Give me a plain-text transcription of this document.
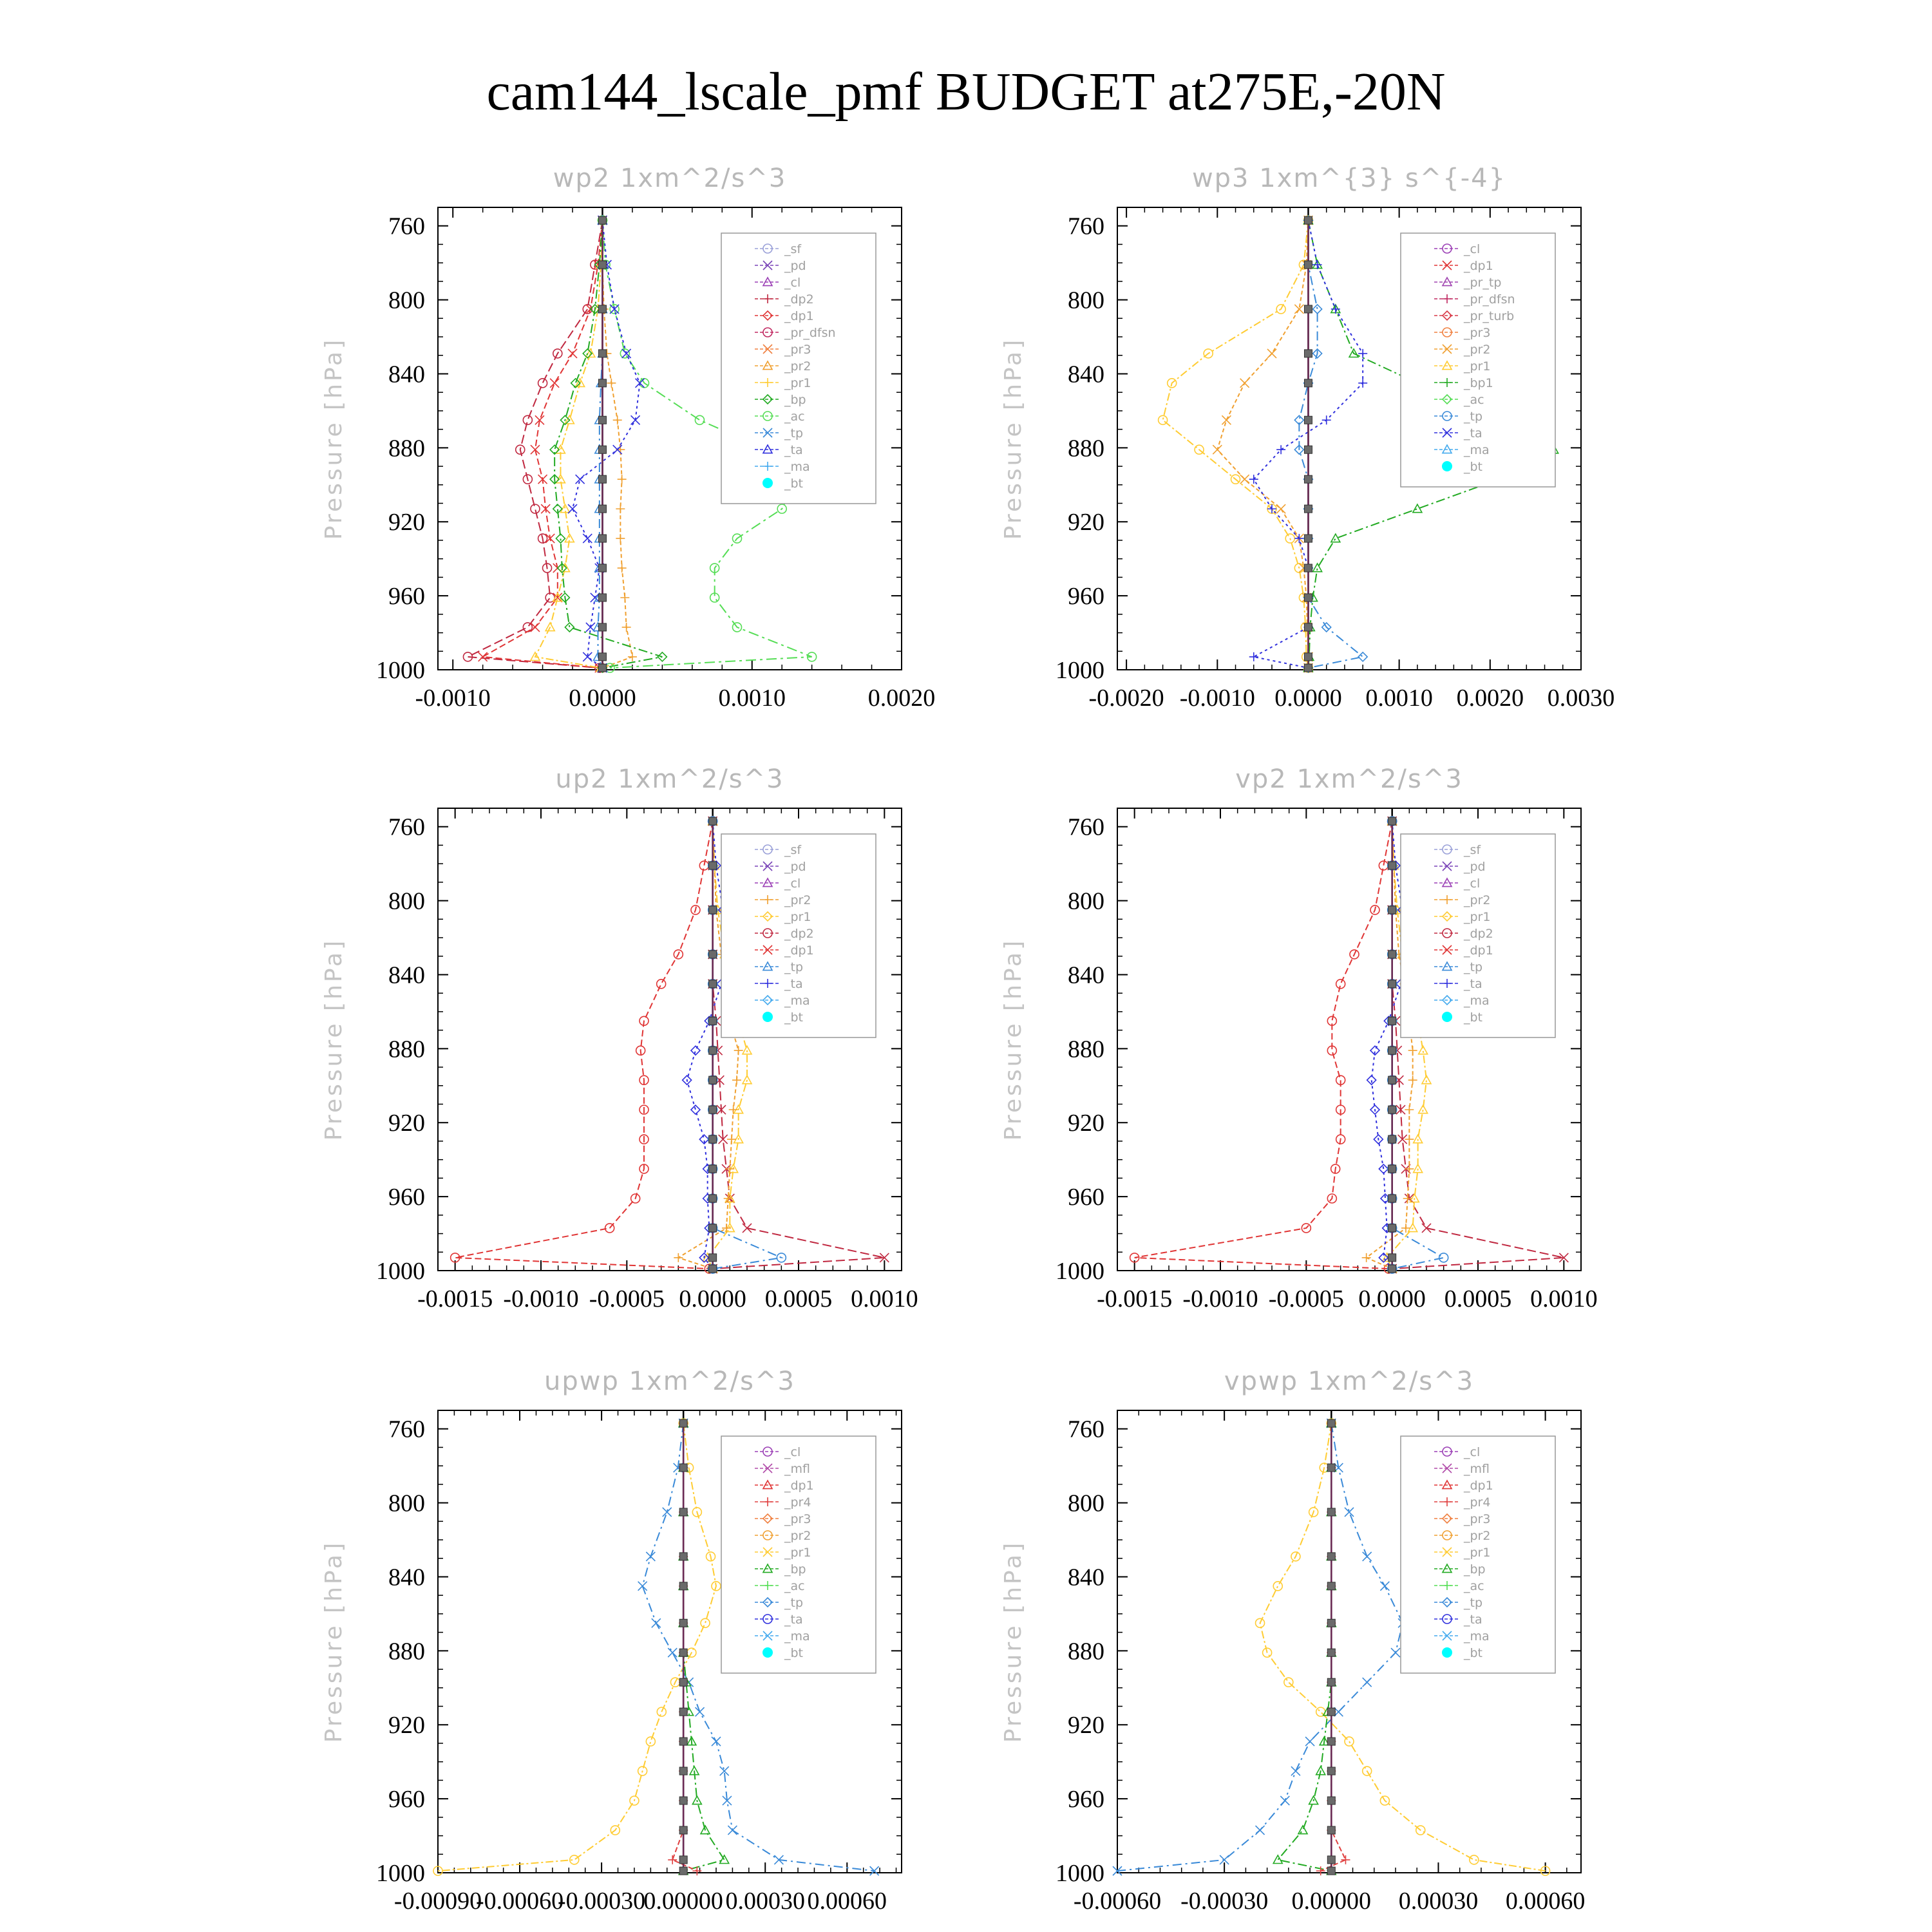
cam144_lscale_pmf BUDGET at275E,-20N
wp2 1xm^2/s^3
Pressure [hPa]
760
800
840
880
920
960
1000
-0.0010	0.0000	0.0010	0.0020
_sf
_pd
_cl
_dp2
_dp1
_pr_dfsn
_pr3
_pr2
_pr1
_bp
_ac
_tp
_ta
_ma
_bt
wp3 1xm^{3} s^{-4}
Pressure [hPa]
760
800
840
880
920
960
1000
-0.0020 -0.0010 0.0000 0.0010 0.0020 0.0030
_cl
_dp1
_pr_tp
_pr_dfsn
_pr_turb
_pr3
_pr2
_pr1
_bp1
_ac
_tp
_ta
_ma
_bt
up2 1xm^2/s^3
Pressure [hPa]
760
800
840
880
920
960
1000
-0.0015 -0.0010 -0.0005 0.0000 0.0005 0.0010
_sf
_pd
_cl
_pr2
_pr1
_dp2
_dp1
_tp
_ta
_ma
_bt
vp2 1xm^2/s^3
Pressure [hPa]
760
800
840
880
920
960
1000
-0.0015 -0.0010 -0.0005 0.0000 0.0005 0.0010
_sf
_pd
_cl
_pr2
_pr1
_dp2
_dp1
_tp
_ta
_ma
_bt
upwp 1xm^2/s^3
Pressure [hPa]
760
800
840
880
920
960
1000
-0.00090
-0.00060
-0.00030
0.00000 0.00030 0.00060
_cl
_mfl
_dp1
_pr4
_pr3
_pr2
_pr1
_bp
_ac
_tp
_ta
_ma
_bt
vpwp 1xm^2/s^3
Pressure [hPa]
760
800
840
880
920
960
1000
-0.00060 -0.00030 0.00000 0.00030 0.00060
_cl
_mfl
_dp1
_pr4
_pr3
_pr2
_pr1
_bp
_ac
_tp
_ta
_ma
_bt
